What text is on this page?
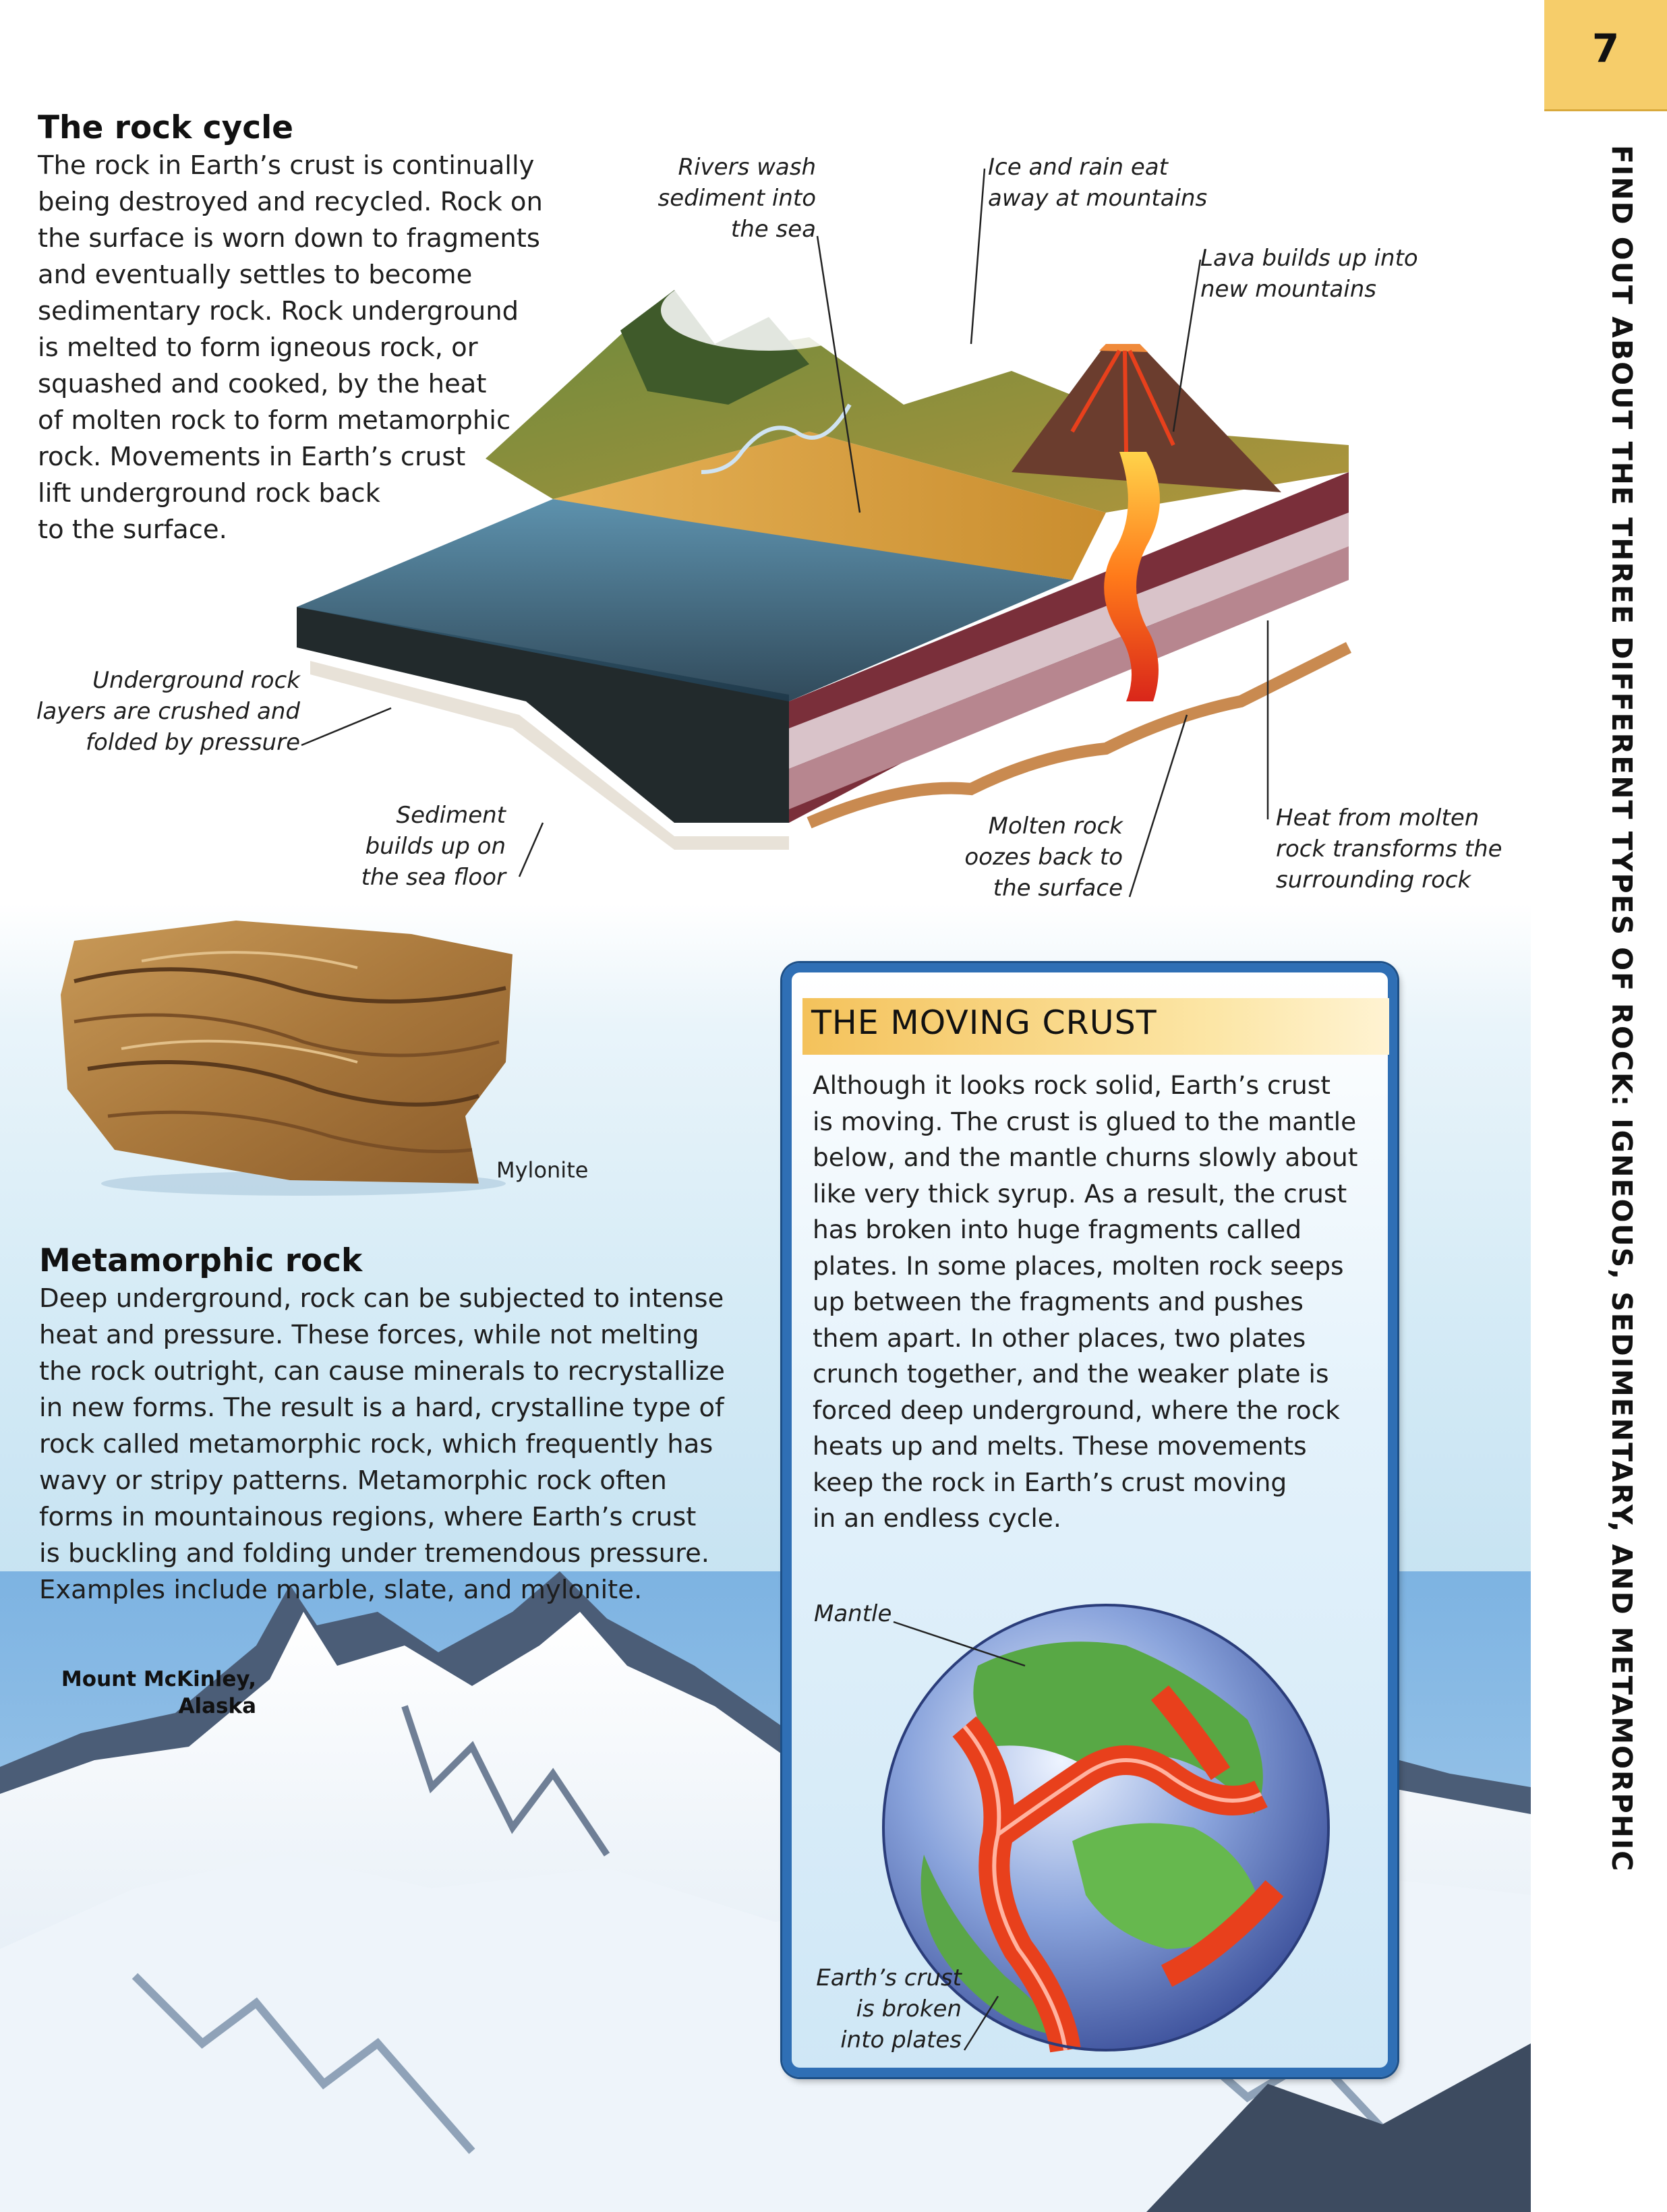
7
FIND OUT ABOUT THE THREE DIFFERENT TYPES OF ROCK: IGNEOUS, SEDIMENTARY, AND METAMORPHIC
The rock cycle
The rock in Earth’s crust is continually
being destroyed and recycled. Rock on
the surface is worn down to fragments
and eventually settles to become
sedimentary rock. Rock underground
is melted to form igneous rock, or
squashed and cooked, by the heat
of molten rock to form metamorphic
rock. Movements in Earth’s crust
lift underground rock back
to the surface.
Rivers wash
sediment into
the sea
Ice and rain eat
away at mountains
Lava builds up into
new mountains
Underground rock
layers are crushed and
folded by pressure
Sediment
builds up on
the sea floor
Molten rock
oozes back to
the surface
Heat from molten
rock transforms the
surrounding rock
Mylonite
Metamorphic rock
Deep underground, rock can be subjected to intense
heat and pressure. These forces, while not melting
the rock outright, can cause minerals to recrystallize
in new forms. The result is a hard, crystalline type of
rock called metamorphic rock, which frequently has
wavy or stripy patterns. Metamorphic rock often
forms in mountainous regions, where Earth’s crust
is buckling and folding under tremendous pressure.
Examples include marble, slate, and mylonite.
Mount McKinley,
Alaska
THE MOVING CRUST
Although it looks rock solid, Earth’s crust
is moving. The crust is glued to the mantle
below, and the mantle churns slowly about
like very thick syrup. As a result, the crust
has broken into huge fragments called
plates. In some places, molten rock seeps
up between the fragments and pushes
them apart. In other places, two plates
crunch together, and the weaker plate is
forced deep underground, where the rock
heats up and melts. These movements
keep the rock in Earth’s crust moving
in an endless cycle.
Mantle
Earth’s crust
is broken
into plates
